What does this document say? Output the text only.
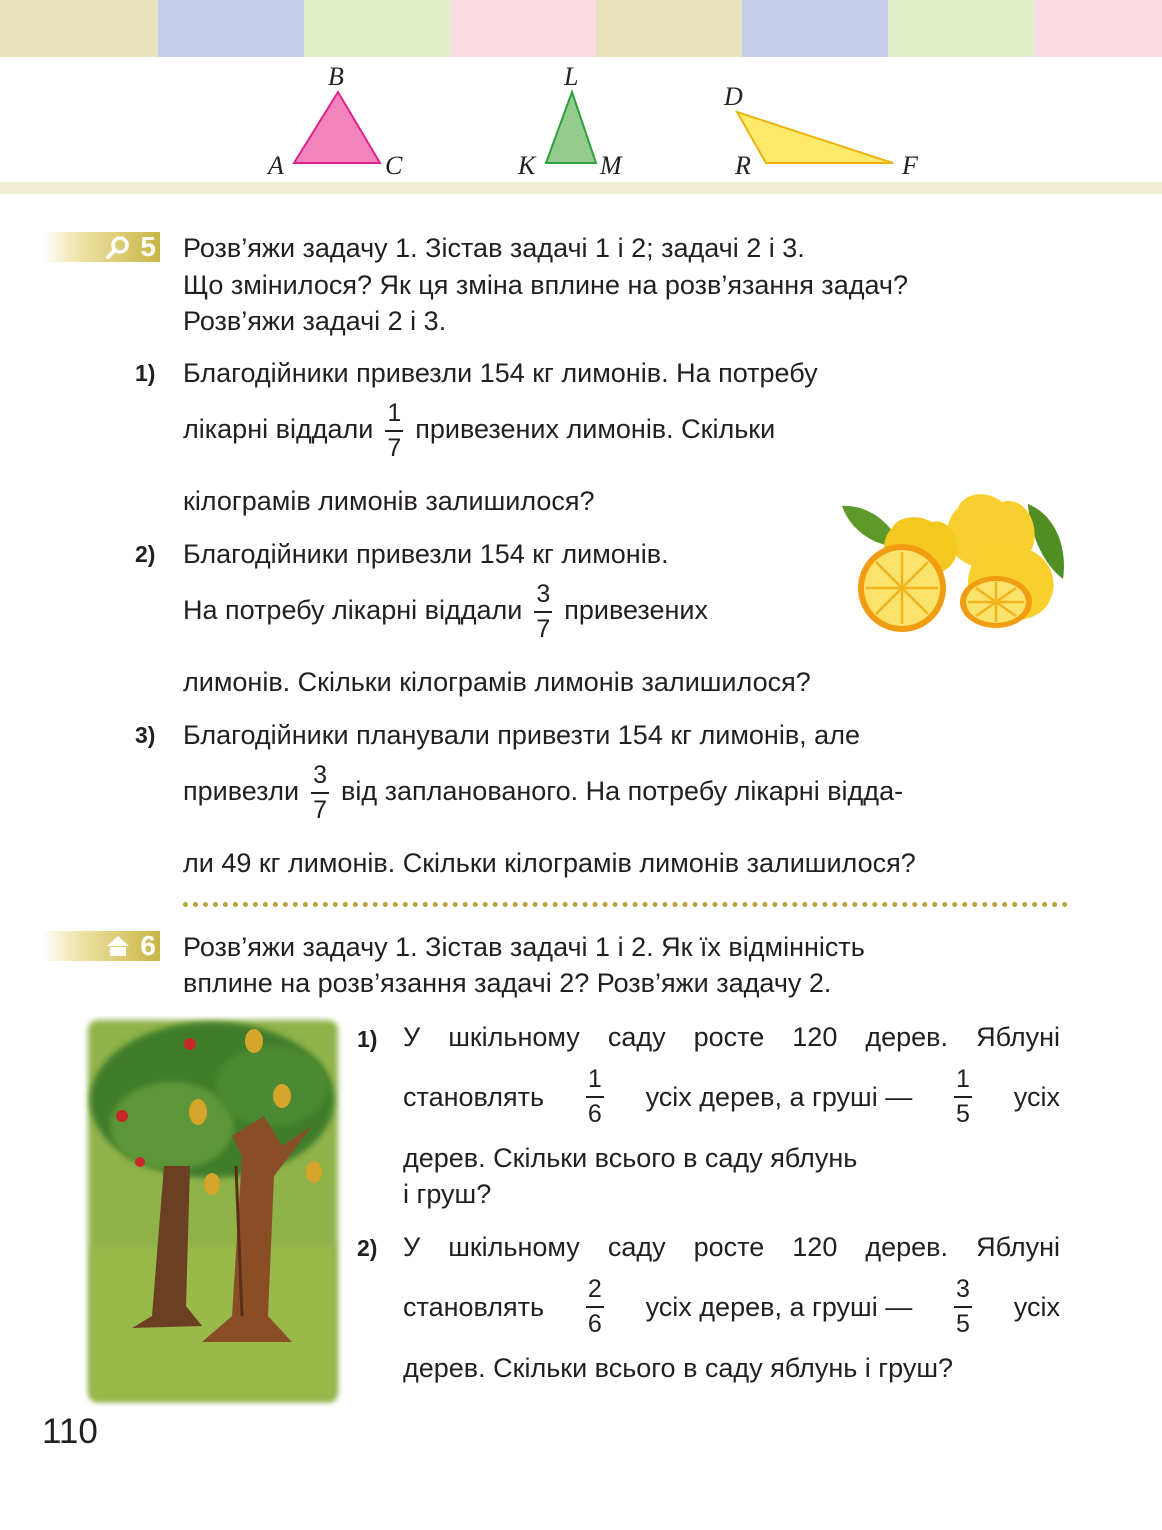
A
B
C	K
L
M	R
D
F
5 Розв’яжи задачу 1. Зістав задачі 1 і 2; задачі 2 і 3.

Що змінилося? Як ця зміна вплине на розв’язання задач?

Розв’яжи задачі 2 і 3.

1) Благодійники привезли 154 кг лимонів. На потребу

лікарні віддали $\frac{1}{7}$ привезених лимонів. Скільки

кілограмів лимонів залишилося?

2) Благодійники привезли 154 кг лимонів.

На потребу лікарні віддали $\frac{3}{7}$ привезених

лимонів. Скільки кілограмів лимонів залишилося?

3) Благодійники планували привезти 154 кг лимонів, але

привезли $\frac{3}{7}$ від запланованого. На потребу лікарні відда-

ли 49 кг лимонів. Скільки кілограмів лимонів залишилося?

6 Розв’яжи задачу 1. Зістав задачі 1 і 2. Як їх відмінність

вплине на розв’язання задачі 2? Розв’яжи задачу 2.

1) У шкільному саду росте 120 дерев. Яблуні

становлять $\frac{1}{6}$ усіх дерев, а груші — $\frac{1}{5}$ усіх

дерев. Скільки всього в саду яблунь

і груш?

2) У шкільному саду росте 120 дерев. Яблуні

становлять $\frac{2}{6}$ усіх дерев, а груші — $\frac{3}{5}$ усіх

дерев. Скільки всього в саду яблунь і груш?

110
